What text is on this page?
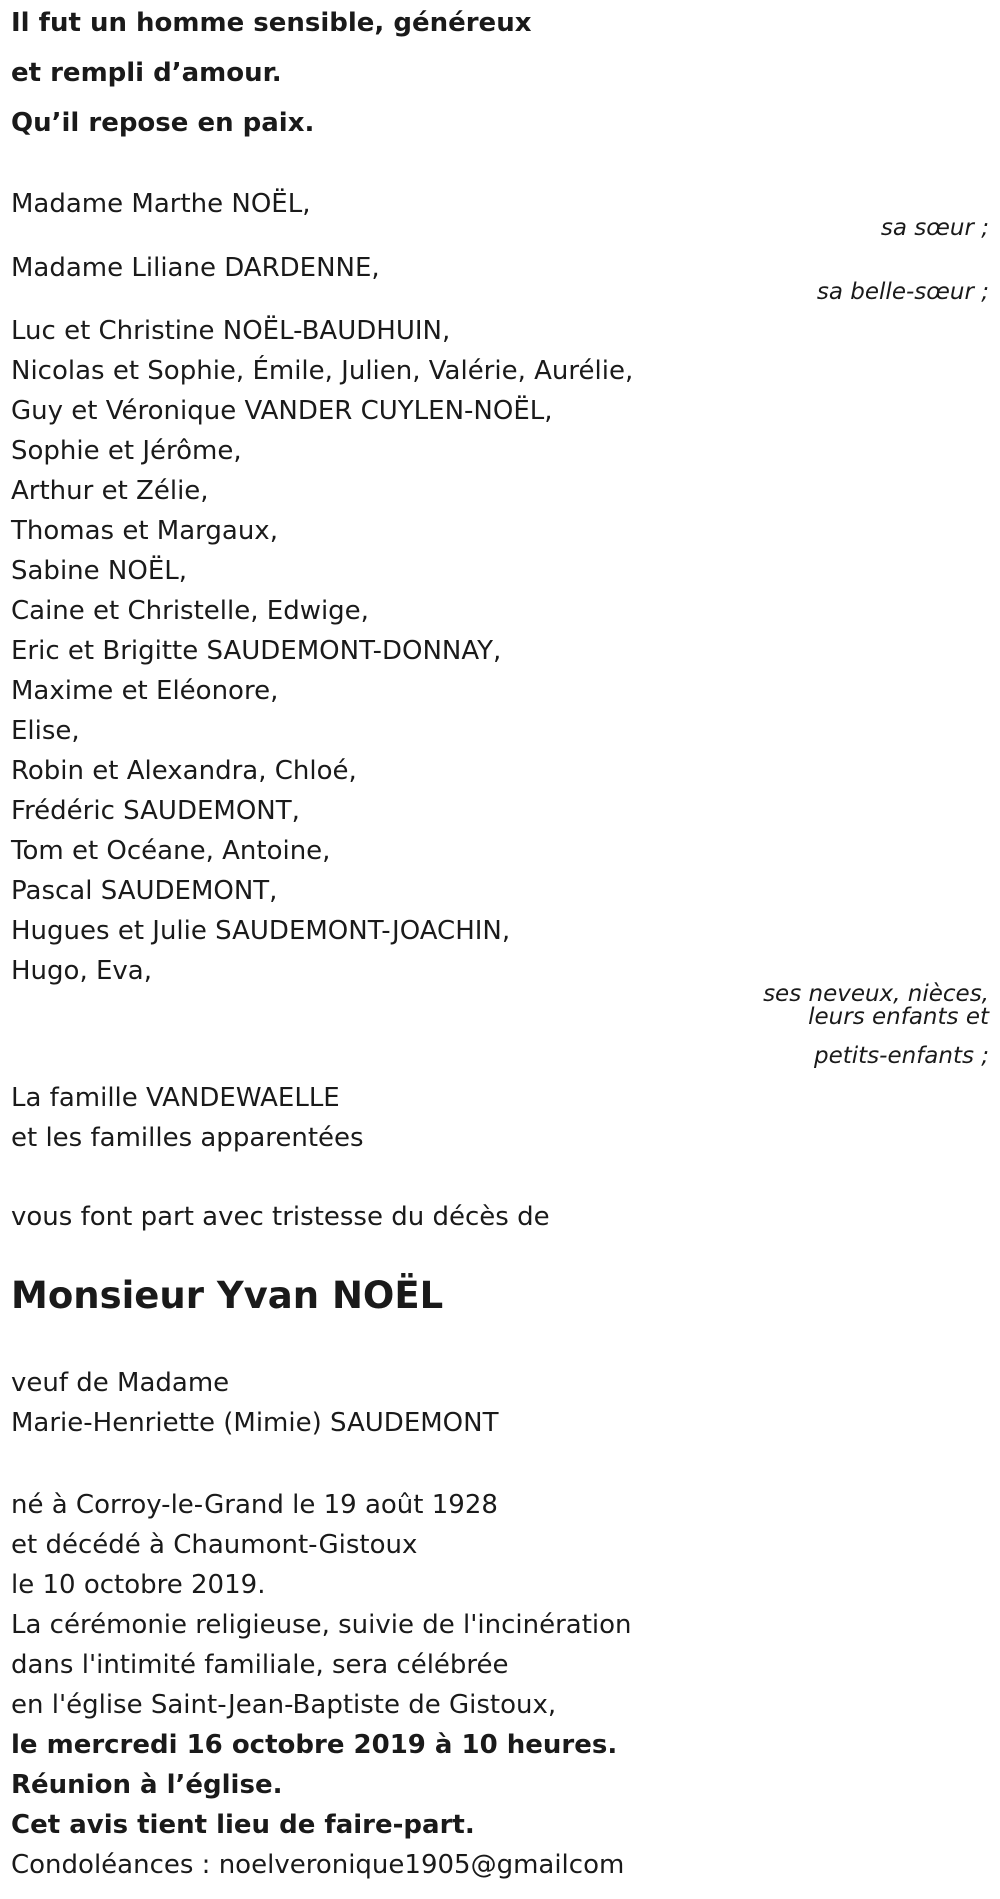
Il fut un homme sensible, généreux
et rempli d’amour.
Qu’il repose en paix.
Madame Marthe NOËL,
sa sœur ;
Madame Liliane DARDENNE,
sa belle-sœur ;
Luc et Christine NOËL-BAUDHUIN,
Nicolas et Sophie, Émile, Julien, Valérie, Aurélie,
Guy et Véronique VANDER CUYLEN-NOËL,
Sophie et Jérôme,
Arthur et Zélie,
Thomas et Margaux,
Sabine NOËL,
Caine et Christelle, Edwige,
Eric et Brigitte SAUDEMONT-DONNAY,
Maxime et Eléonore,
Elise,
Robin et Alexandra, Chloé,
Frédéric SAUDEMONT,
Tom et Océane, Antoine,
Pascal SAUDEMONT,
Hugues et Julie SAUDEMONT-JOACHIN,
Hugo, Eva,
ses neveux, nièces,
leurs enfants et
petits-enfants ;
La famille VANDEWAELLE
et les familles apparentées
vous font part avec tristesse du décès de
Monsieur Yvan NOËL
veuf de Madame
Marie-Henriette (Mimie) SAUDEMONT
né à Corroy-le-Grand le 19 août 1928
et décédé à Chaumont-Gistoux
le 10 octobre 2019.
La cérémonie religieuse, suivie de l'incinération
dans l'intimité familiale, sera célébrée
en l'église Saint-Jean-Baptiste de Gistoux,
le mercredi 16 octobre 2019 à 10 heures.
Réunion à l’église.
Cet avis tient lieu de faire-part.
Condoléances : noelveronique1905@gmailcom
